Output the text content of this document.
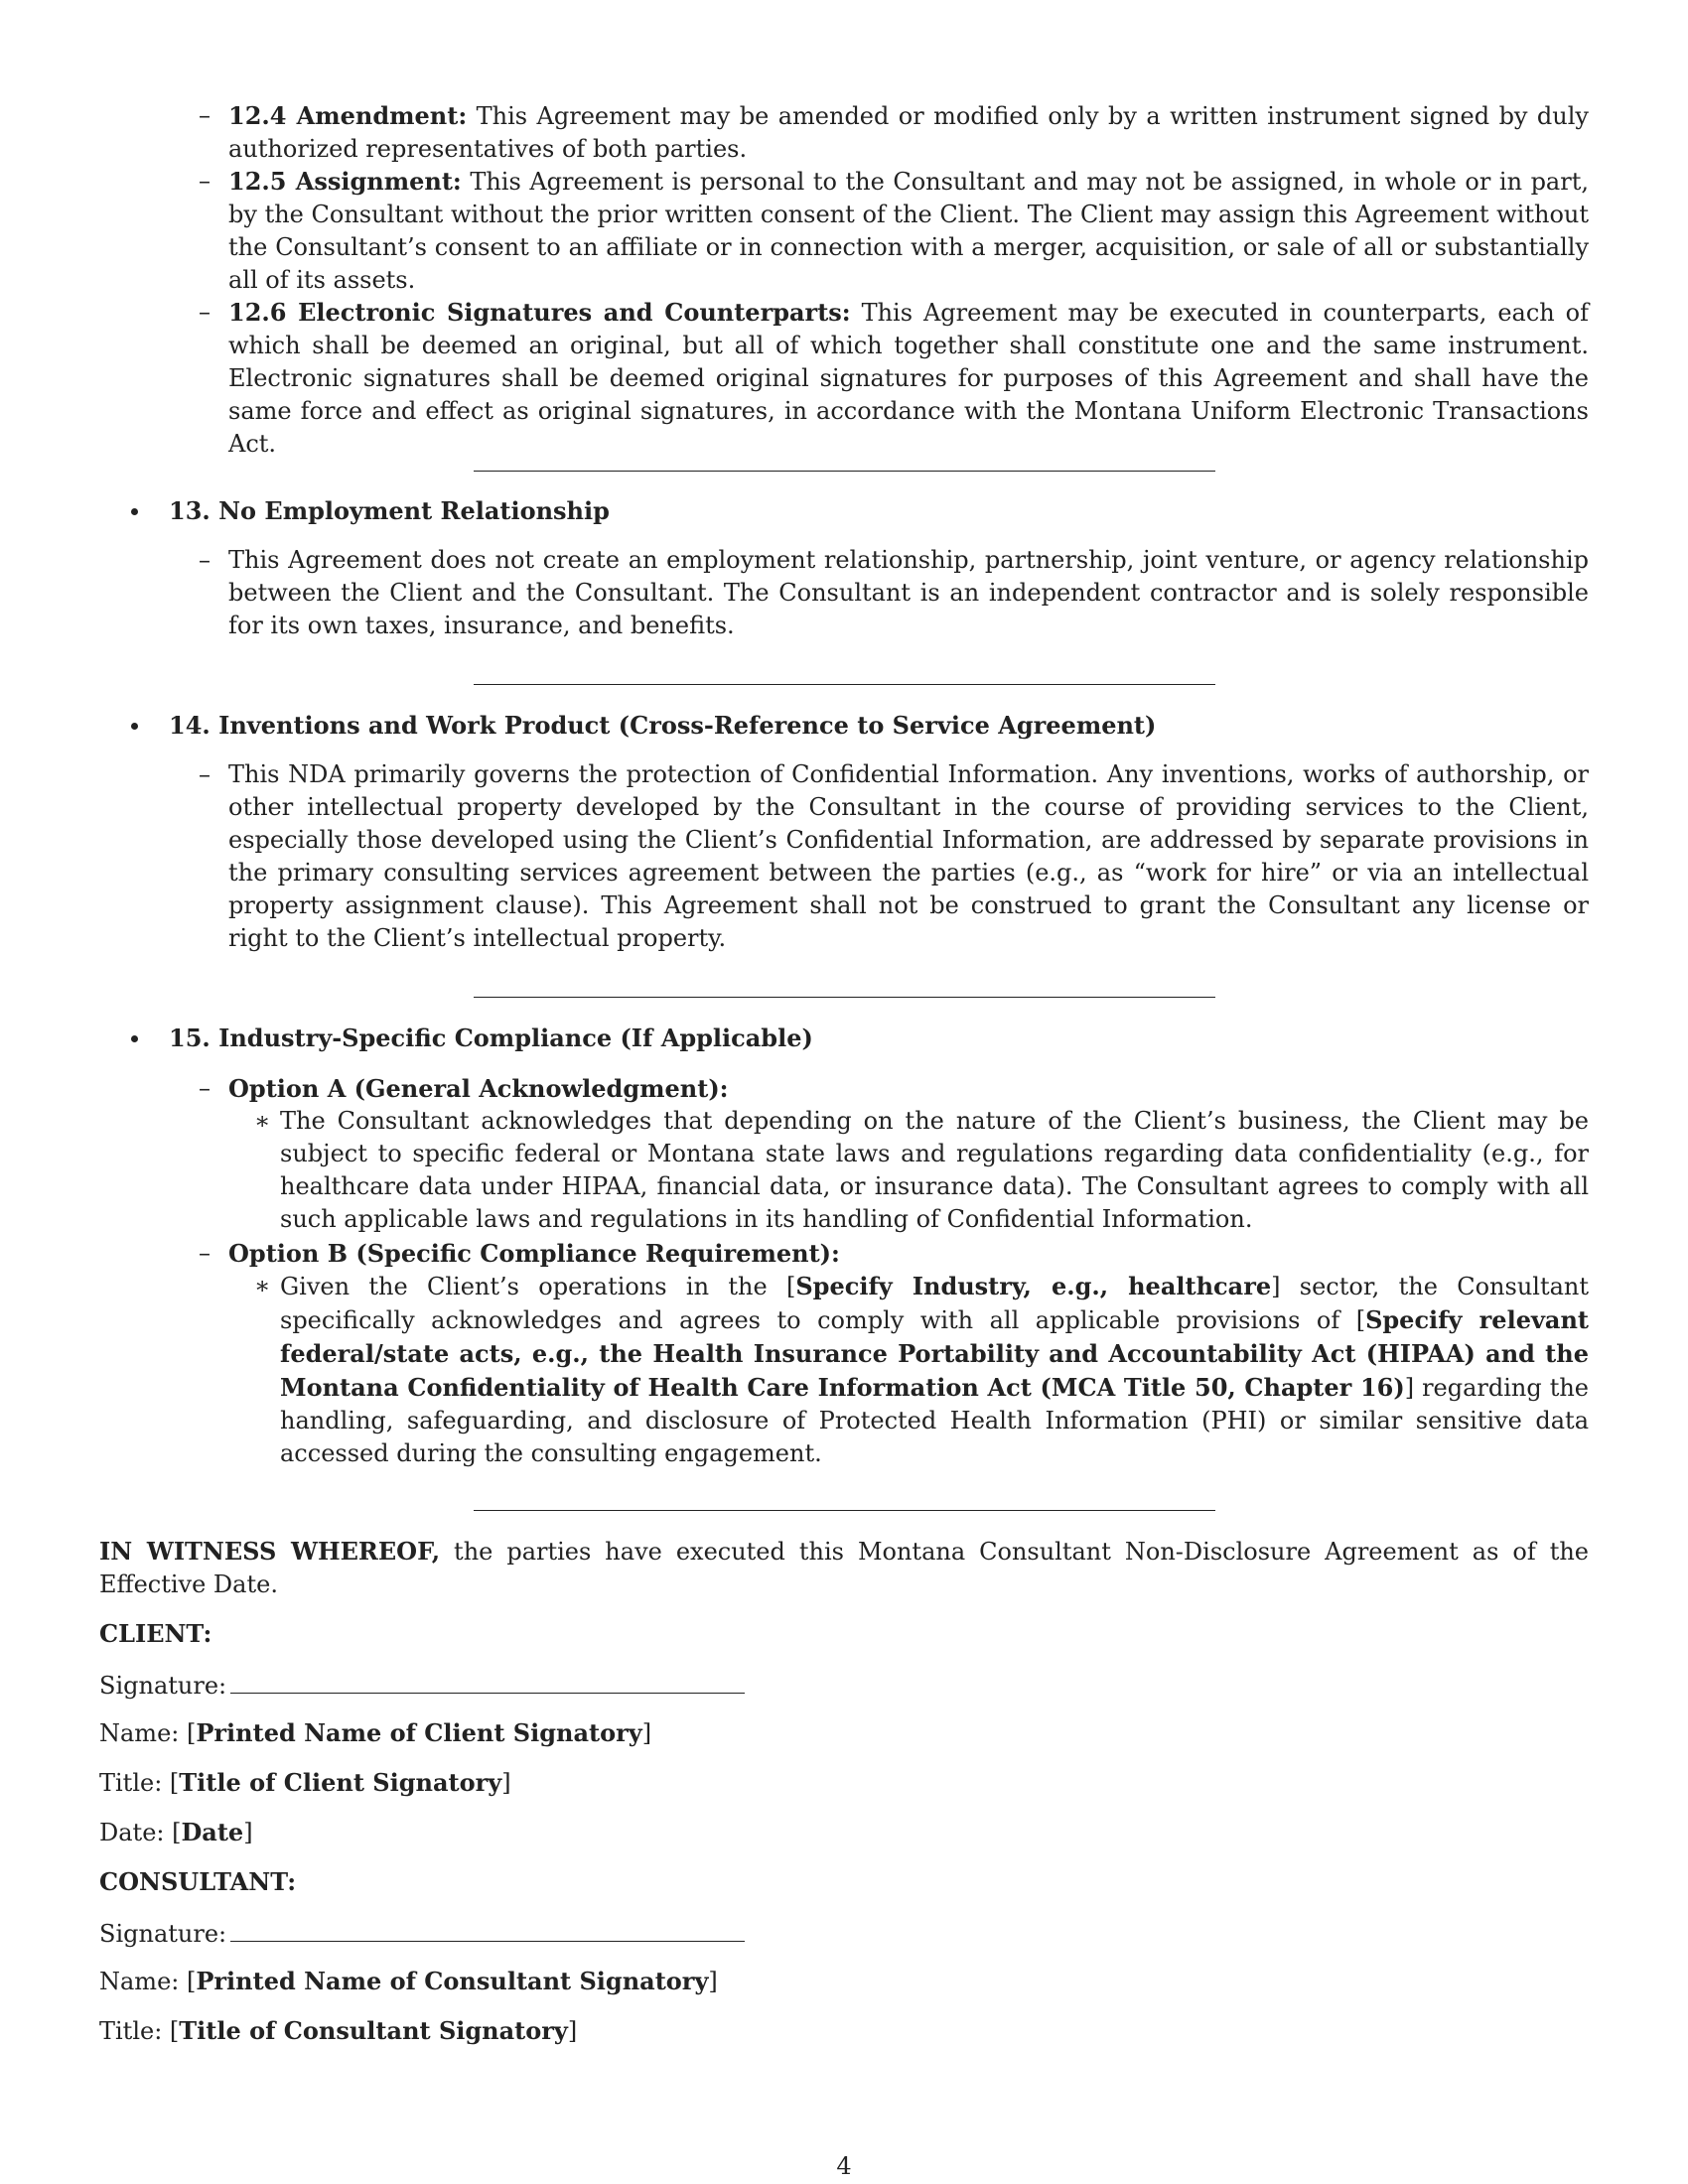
– 12.4 Amendment: This Agreement may be amended or modified only by a written instrument signed by duly authorized representatives of both parties.
– 12.5 Assignment: This Agreement is personal to the Consultant and may not be assigned, in whole or in part, by the Consultant without the prior written consent of the Client. The Client may assign this Agreement without the Consultant’s consent to an affiliate or in connection with a merger, acquisition, or sale of all or substantially all of its assets.
– 12.6 Electronic Signatures and Counterparts: This Agreement may be executed in counterparts, each of which shall be deemed an original, but all of which together shall constitute one and the same instrument. Electronic signatures shall be deemed original signatures for purposes of this Agreement and shall have the same force and effect as original signatures, in accordance with the Montana Uniform Electronic Transactions Act.
13. No Employment Relationship
– This Agreement does not create an employment relationship, partnership, joint venture, or agency relationship between the Client and the Consultant. The Consultant is an independent contractor and is solely responsible for its own taxes, insurance, and benefits.
14. Inventions and Work Product (Cross-Reference to Service Agreement)
– This NDA primarily governs the protection of Confidential Information. Any inventions, works of authorship, or other intellectual property developed by the Consultant in the course of providing services to the Client, especially those developed using the Client’s Confidential Information, are addressed by separate provisions in the primary consulting services agreement between the parties (e.g., as “work for hire” or via an intellectual property assignment clause). This Agreement shall not be construed to grant the Consultant any license or right to the Client’s intellectual property.
15. Industry-Specific Compliance (If Applicable)
– Option A (General Acknowledgment):
∗ The Consultant acknowledges that depending on the nature of the Client’s business, the Client may be subject to specific federal or Montana state laws and regulations regarding data confidentiality (e.g., for healthcare data under HIPAA, financial data, or insurance data). The Consultant agrees to comply with all such applicable laws and regulations in its handling of Confidential Information.
– Option B (Specific Compliance Requirement):
∗ Given the Client’s operations in the [Specify Industry, e.g., healthcare] sector, the Consultant specifically acknowledges and agrees to comply with all applicable provisions of [Specify relevant federal/state acts, e.g., the Health Insurance Portability and Accountability Act (HIPAA) and the Montana Confidentiality of Health Care Information Act (MCA Title 50, Chapter 16)] regarding the handling, safeguarding, and disclosure of Protected Health Information (PHI) or similar sensitive data accessed during the consulting engagement.
IN WITNESS WHEREOF, the parties have executed this Montana Consultant Non-Disclosure Agreement as of the Effective Date.
CLIENT:
Signature:
Name: [Printed Name of Client Signatory]
Title: [Title of Client Signatory]
Date: [Date]
CONSULTANT:
Signature:
Name: [Printed Name of Consultant Signatory]
Title: [Title of Consultant Signatory]
4
